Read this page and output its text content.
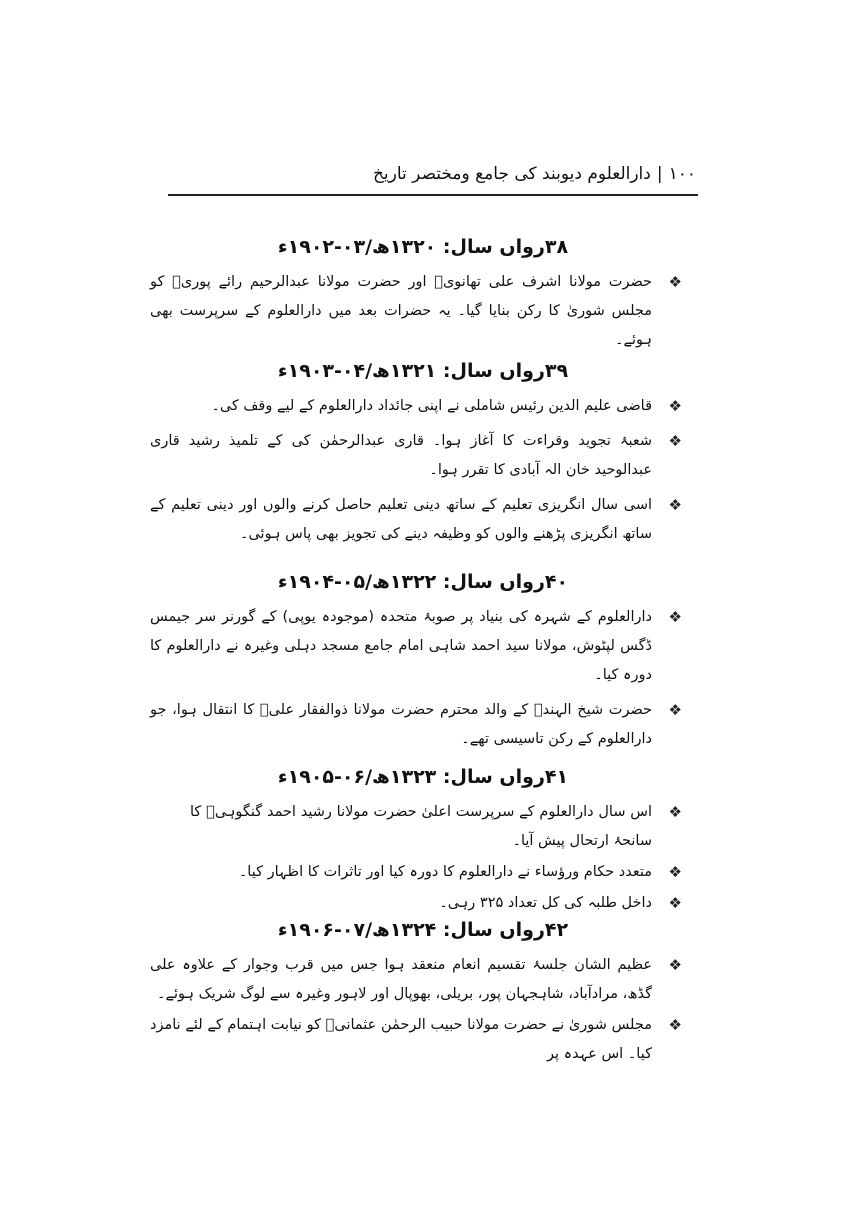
۱۰۰|دارالعلوم دیوبند کی جامع ومختصر تاریخ
۳۸رواں سال: ۱۳۲۰ھ/۰۳-۱۹۰۲ء
❖

حضرت مولانا اشرف علی تھانویؒ اور حضرت مولانا عبدالرحیم رائے پوریؒ کو مجلس شوریٰ کا رکن بنایا گیا۔ یہ حضرات بعد میں دارالعلوم کے سرپرست بھی ہوئے۔

۳۹رواں سال: ۱۳۲۱ھ/۰۴-۱۹۰۳ء
❖

قاضی علیم الدین رئیس شاملی نے اپنی جائداد دارالعلوم کے لیے وقف کی۔

❖

شعبۂ تجوید وقراءت کا آغاز ہوا۔ قاری عبدالرحمٰن کی کے تلمیذ رشید قاری عبدالوحید خان الہ آبادی کا تقرر ہوا۔

❖

اسی سال انگریزی تعلیم کے ساتھ دینی تعلیم حاصل کرنے والوں اور دینی تعلیم کے ساتھ انگریزی پڑھنے والوں کو وظیفہ دینے کی تجویز بھی پاس ہوئی۔

۴۰رواں سال: ۱۳۲۲ھ/۰۵-۱۹۰۴ء
❖

دارالعلوم کے شہرہ کی بنیاد پر صوبۂ متحدہ (موجودہ یوپی) کے گورنر سر جیمس ڈگس لپٹوش، مولانا سید احمد شاہی امام جامع مسجد دہلی وغیرہ نے دارالعلوم کا دورہ کیا۔

❖

حضرت شیخ الہندؒ کے والد محترم حضرت مولانا ذوالفقار علیؒ کا انتقال ہوا، جو دارالعلوم کے رکن تاسیسی تھے۔

۴۱رواں سال: ۱۳۲۳ھ/۰۶-۱۹۰۵ء
❖

اس سال دارالعلوم کے سرپرست اعلیٰ حضرت مولانا رشید احمد گنگوہیؒ کا سانحۂ ارتحال پیش آیا۔

❖

متعدد حکام ورؤساء نے دارالعلوم کا دورہ کیا اور تاثرات کا اظہار کیا۔

❖

داخل طلبہ کی کل تعداد ۳۲۵ رہی۔

۴۲رواں سال: ۱۳۲۴ھ/۰۷-۱۹۰۶ء
❖

عظیم الشان جلسۂ تقسیم انعام منعقد ہوا جس میں قرب وجوار کے علاوہ علی گڈھ، مرادآباد، شاہجہان پور، بریلی، بھوپال اور لاہور وغیرہ سے لوگ شریک ہوئے۔

❖

مجلس شوریٰ نے حضرت مولانا حبیب الرحمٰن عثمانیؒ کو نیابت اہتمام کے لئے نامزد کیا۔ اس عہدہ پر
